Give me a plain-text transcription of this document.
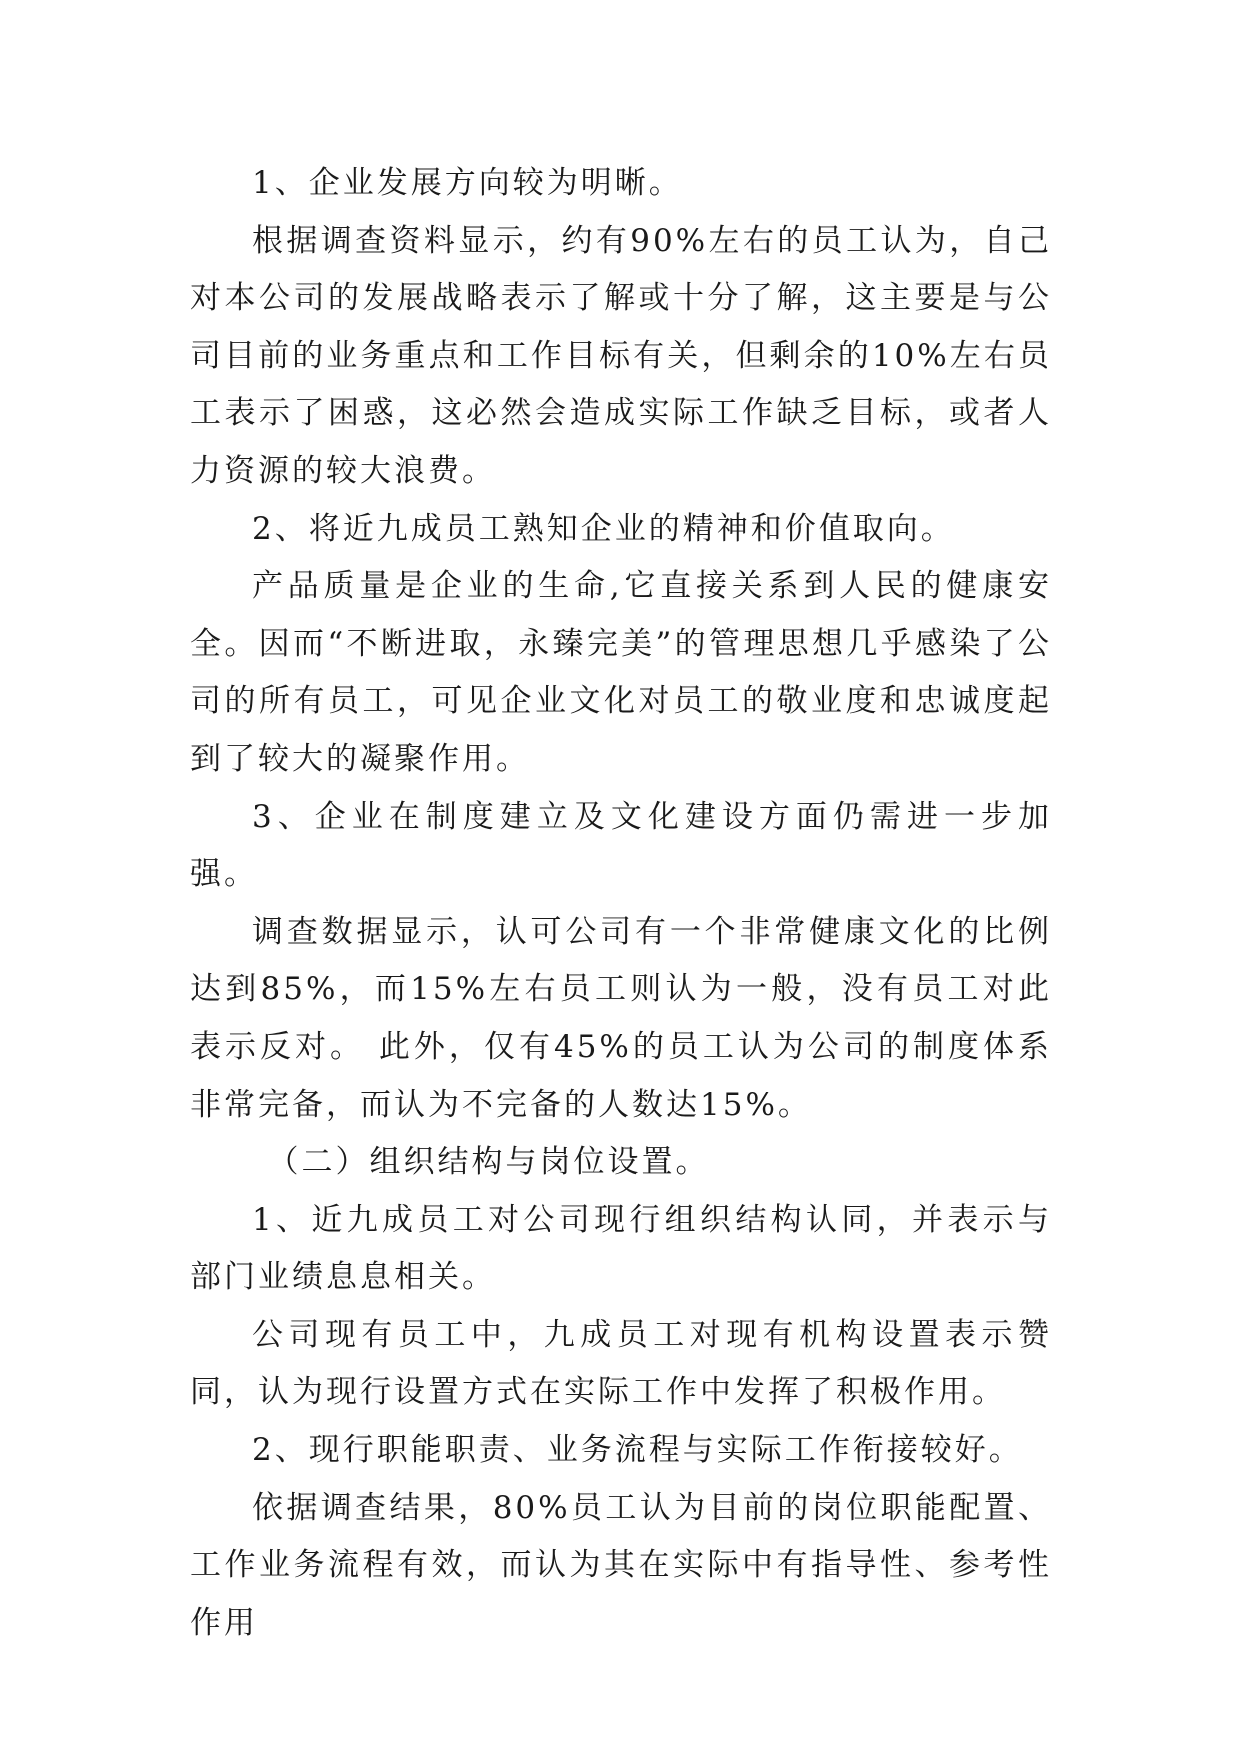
1、企业发展方向较为明晰。

根据调查资料显示，约有90%左右的员工认为，自己对本公司的发展战略表示了解或十分了解，这主要是与公司目前的业务重点和工作目标有关，但剩余的10%左右员工表示了困惑，这必然会造成实际工作缺乏目标，或者人力资源的较大浪费。

2、将近九成员工熟知企业的精神和价值取向。

产品质量是企业的生命,它直接关系到人民的健康安全。因而“不断进取，永臻完美”的管理思想几乎感染了公司的所有员工，可见企业文化对员工的敬业度和忠诚度起到了较大的凝聚作用。

3、企业在制度建立及文化建设方面仍需进一步加强。

调查数据显示，认可公司有一个非常健康文化的比例达到85%，而15%左右员工则认为一般，没有员工对此表示反对。 此外，仅有45%的员工认为公司的制度体系非常完备，而认为不完备的人数达15%。

（二）组织结构与岗位设置。

1、近九成员工对公司现行组织结构认同，并表示与部门业绩息息相关。

公司现有员工中，九成员工对现有机构设置表示赞同，认为现行设置方式在实际工作中发挥了积极作用。

2、现行职能职责、业务流程与实际工作衔接较好。

依据调查结果，80%员工认为目前的岗位职能配置、工作业务流程有效，而认为其在实际中有指导性、参考性作用
